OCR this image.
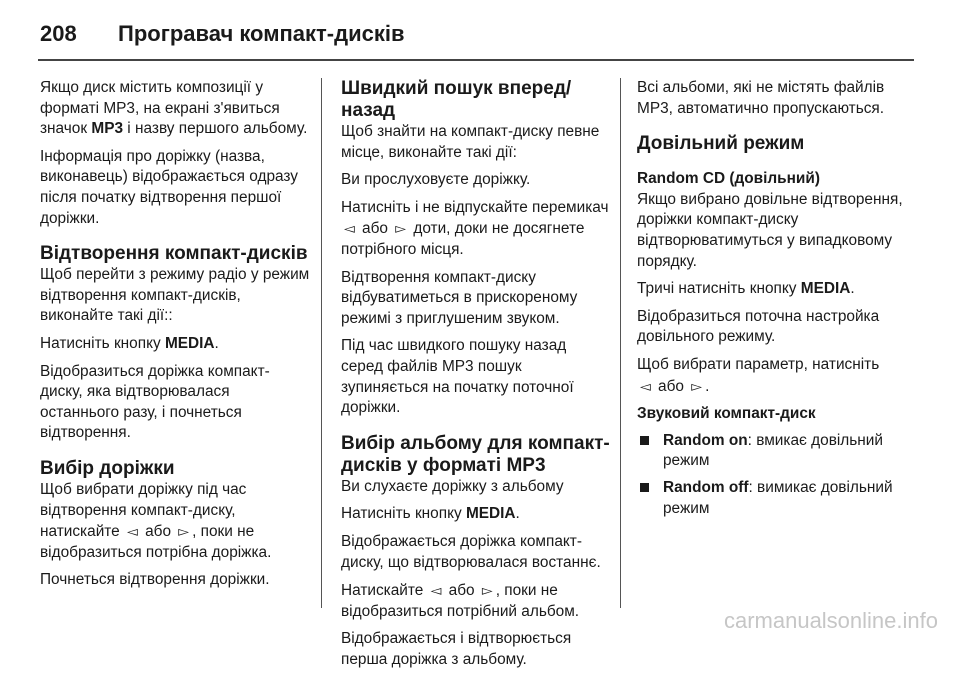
208	Програвач компакт-дисків

Якщо диск містить композиції у форматі MP3, на екрані з'явиться значок MP3 і назву першого альбому.

Інформація про доріжку (назва, виконавець) відображається одразу після початку відтворення першої доріжки.

Відтворення компакт-дисків

Щоб перейти з режиму радіо у режим відтворення компакт-дисків, виконайте такі дії::

Натисніть кнопку MEDIA.

Відобразиться доріжка компакт-диску, яка відтворювалася останнього разу, і почнеться відтворення.

Вибір доріжки

Щоб вибрати доріжку під час відтворення компакт-диску, натискайте ◅ або ▻ , поки не відобразиться потрібна доріжка.

Почнеться відтворення доріжки.

Швидкий пошук вперед/назад

Щоб знайти на компакт-диску певне місце, виконайте такі дії:

Ви прослуховуєте доріжку.

Натисніть і не відпускайте перемикач ◅ або ▻ доти, доки не досягнете потрібного місця.

Відтворення компакт-диску відбуватиметься в прискореному режимі з приглушеним звуком.

Під час швидкого пошуку назад серед файлів MP3 пошук зупиняється на початку поточної доріжки.

Вибір альбому для компакт-дисків у форматі MP3

Ви слухаєте доріжку з альбому

Натисніть кнопку MEDIA.

Відображається доріжка компакт-диску, що відтворювалася востаннє.

Натискайте ◅ або ▻ , поки не відобразиться потрібний альбом.

Відображається і відтворюється перша доріжка з альбому.

Всі альбоми, які не містять файлів MP3, автоматично пропускаються.

Довільний режим
Random CD (довільний)

Якщо вибрано довільне відтворення, доріжки компакт-диску відтворюватимуться у випадковому порядку.

Тричі натисніть кнопку MEDIA.

Відобразиться поточна настройка довільного режиму.

Щоб вибрати параметр, натисніть
◅ або ▻ .

Звуковий компакт-диск
Random on: вмикає довільний режим
Random off: вимикає довільний режим
carmanualsonline.info
